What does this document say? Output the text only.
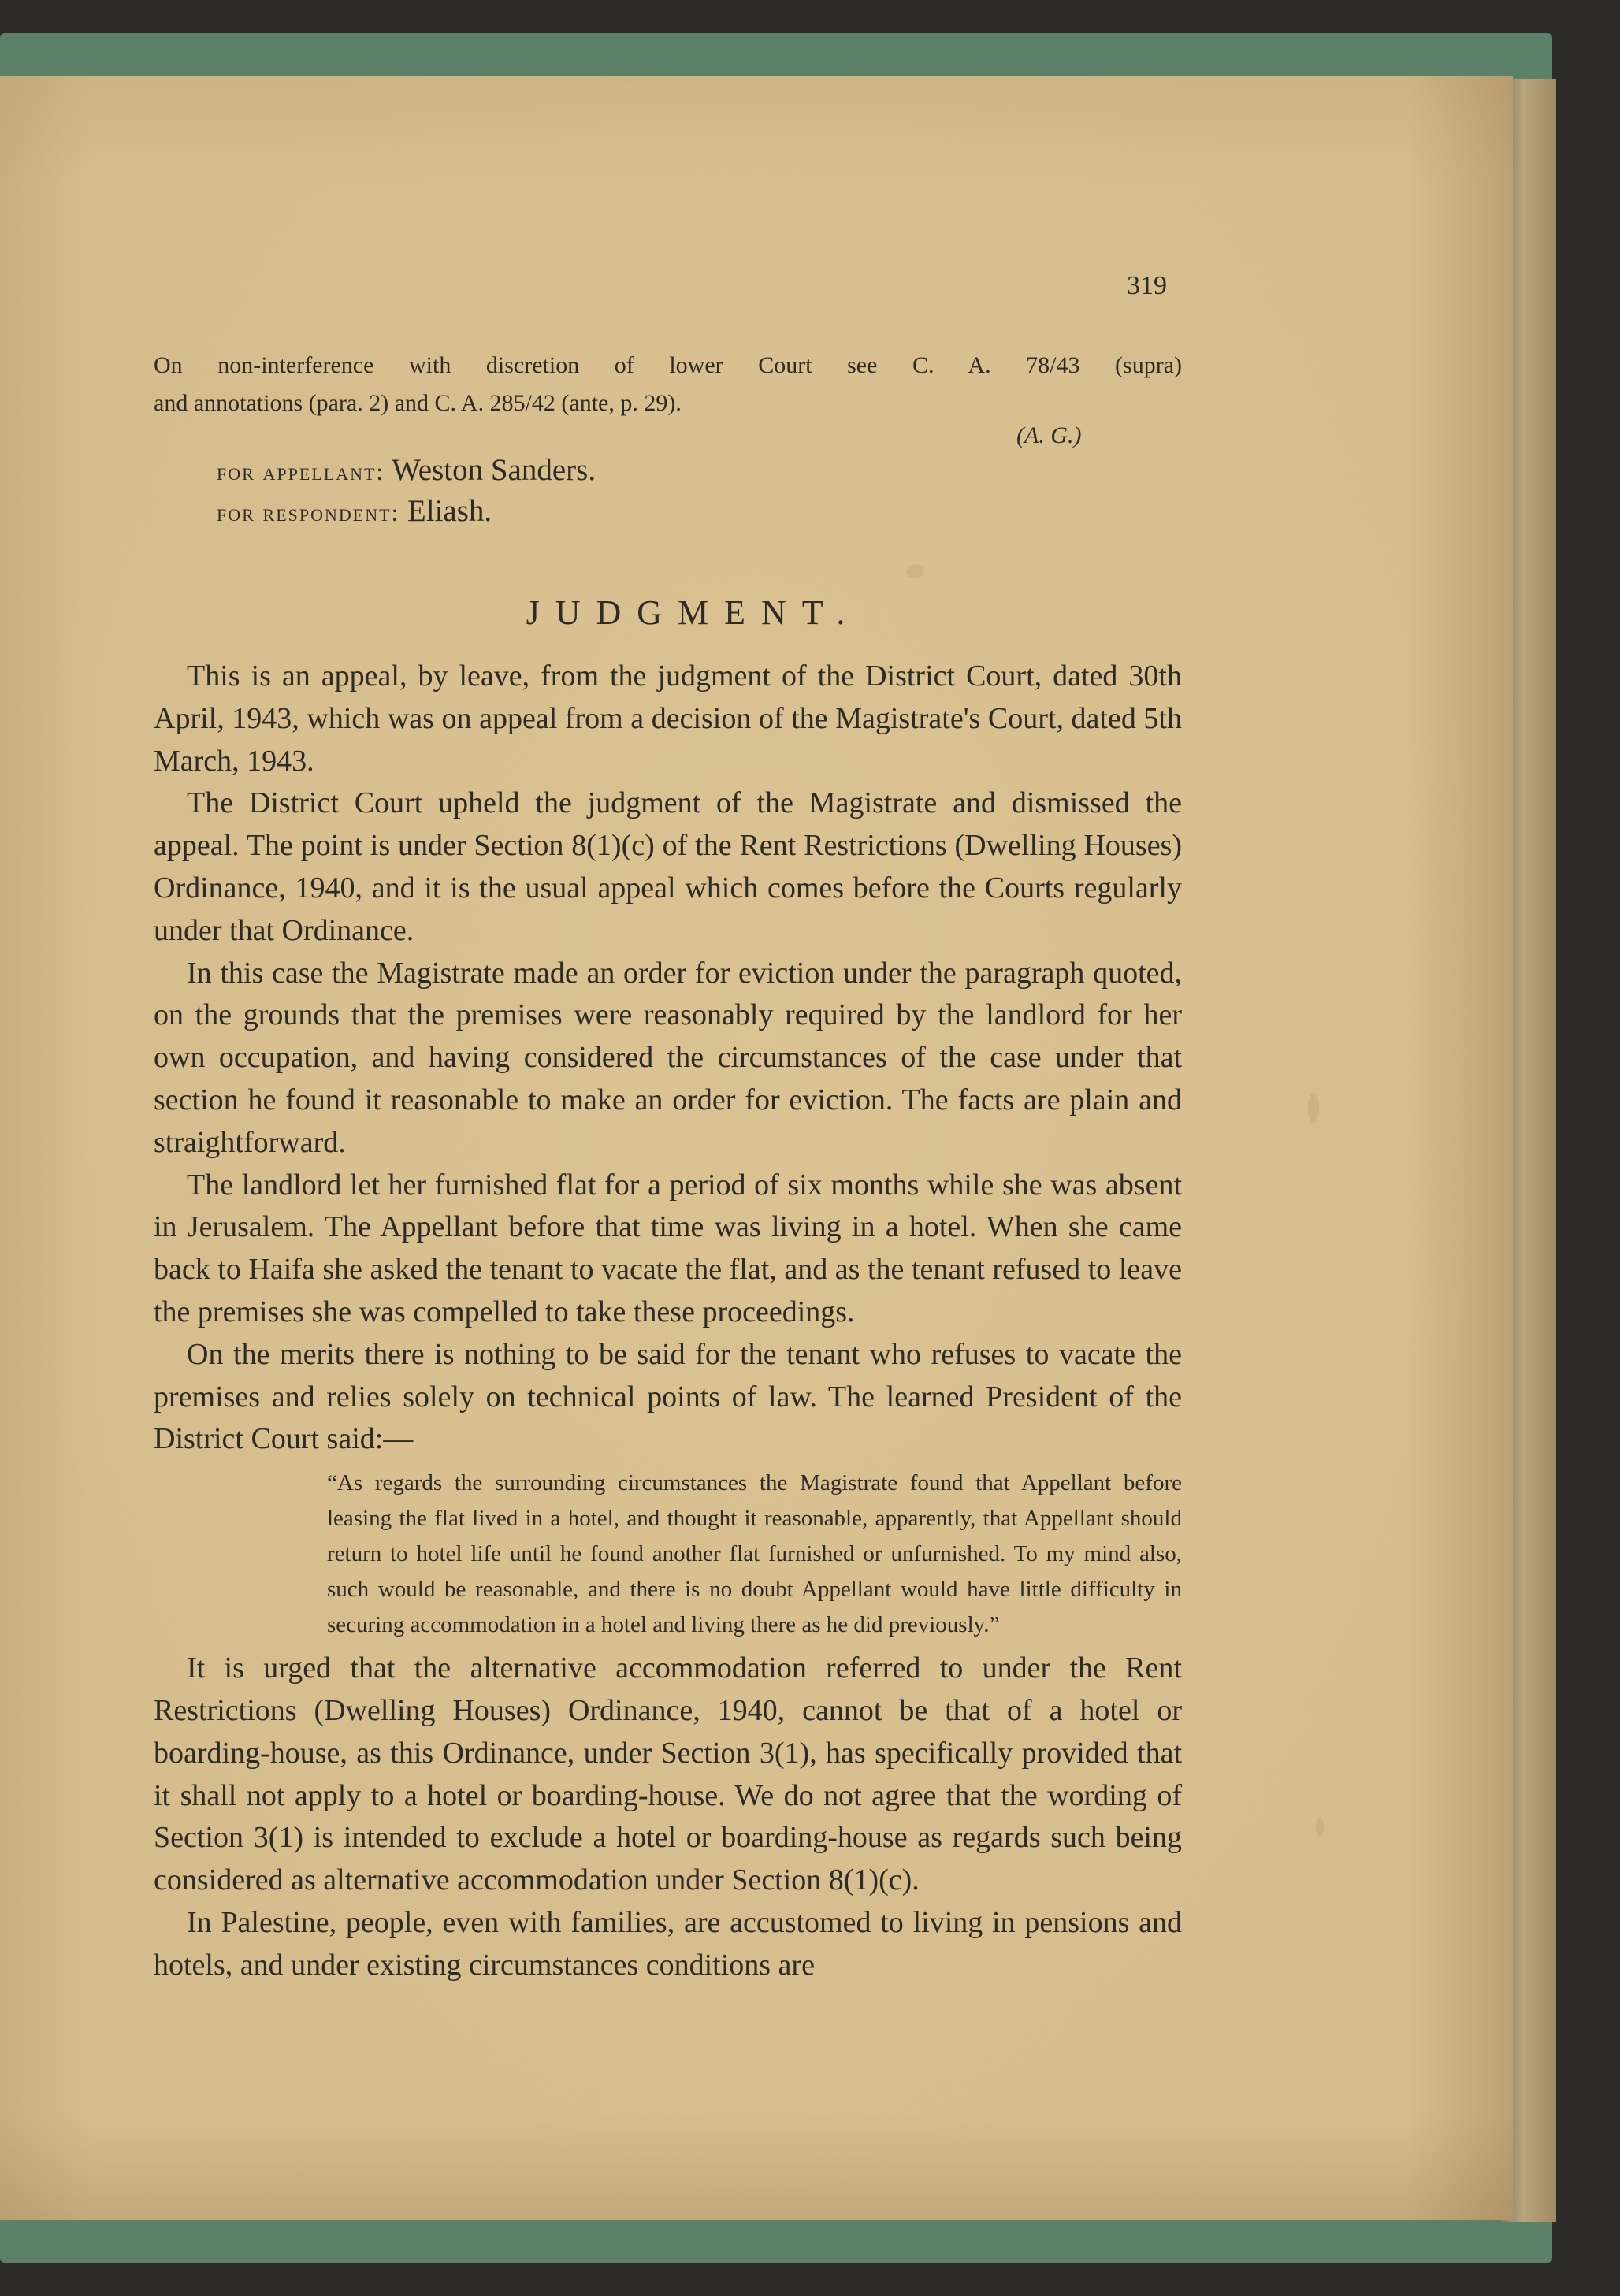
319
On non-interference with discretion of lower Court see C. A. 78/43 (supra)
and annotations (para. 2) and C. A. 285/42 (ante, p. 29).
(A. G.)
for appellant: Weston Sanders.
for respondent: Eliash.
JUDGMENT.

This is an appeal, by leave, from the judgment of the District Court, dated 30th April, 1943, which was on appeal from a decision of the Magistrate's Court, dated 5th March, 1943.

The District Court upheld the judgment of the Magistrate and dismissed the appeal. The point is under Section 8(1)(c) of the Rent Restrictions (Dwelling Houses) Ordinance, 1940, and it is the usual appeal which comes before the Courts regularly under that Ordinance.

In this case the Magistrate made an order for eviction under the paragraph quoted, on the grounds that the premises were reasonably required by the landlord for her own occupation, and having considered the circumstances of the case under that section he found it reasonable to make an order for eviction. The facts are plain and straightforward.

The landlord let her furnished flat for a period of six months while she was absent in Jerusalem. The Appellant before that time was living in a hotel. When she came back to Haifa she asked the tenant to vacate the flat, and as the tenant refused to leave the premises she was compelled to take these proceedings.

On the merits there is nothing to be said for the tenant who refuses to vacate the premises and relies solely on technical points of law. The learned President of the District Court said:—

“As regards the surrounding circumstances the Magistrate found that Appellant before leasing the flat lived in a hotel, and thought it reasonable, apparently, that Appellant should return to hotel life until he found another flat furnished or unfurnished. To my mind also, such would be reasonable, and there is no doubt Appellant would have little difficulty in securing accommodation in a hotel and living there as he did previously.”

It is urged that the alternative accommodation referred to under the Rent Restrictions (Dwelling Houses) Ordinance, 1940, cannot be that of a hotel or boarding-house, as this Ordinance, under Section 3(1), has specifically provided that it shall not apply to a hotel or boarding-house. We do not agree that the wording of Section 3(1) is intended to exclude a hotel or boarding-house as regards such being considered as alternative accommodation under Section 8(1)(c).

In Palestine, people, even with families, are accustomed to living in pensions and hotels, and under existing circumstances conditions are
